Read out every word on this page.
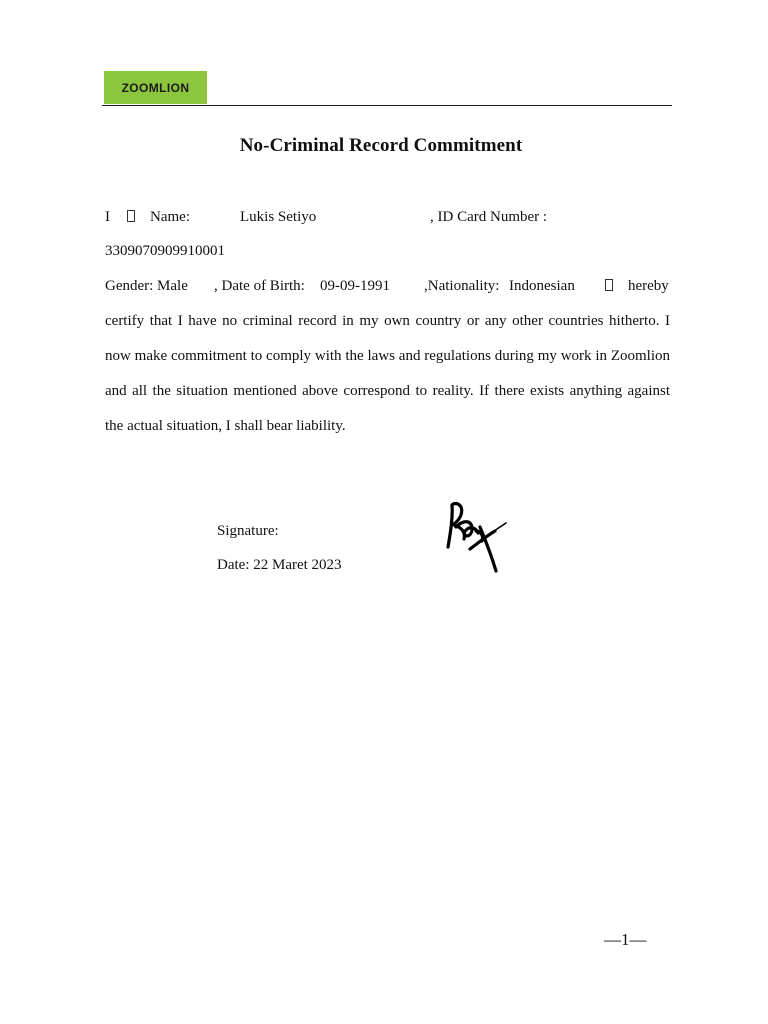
ZOOMLION
No-Criminal Record Commitment
I	Name:	Lukis Setiyo	, ID Card Number :
3309070909910001
Gender: Male , Date of Birth: 09-09-1991 ,Nationality: Indonesian	hereby
certify that I have no criminal record in my own country or any other countries hitherto. I now make commitment to comply with the laws and regulations during my work in Zoomlion and all the situation mentioned above correspond to reality. If there exists anything against the actual situation, I shall bear liability.
Signature:
Date: 22 Maret 2023
—1—
